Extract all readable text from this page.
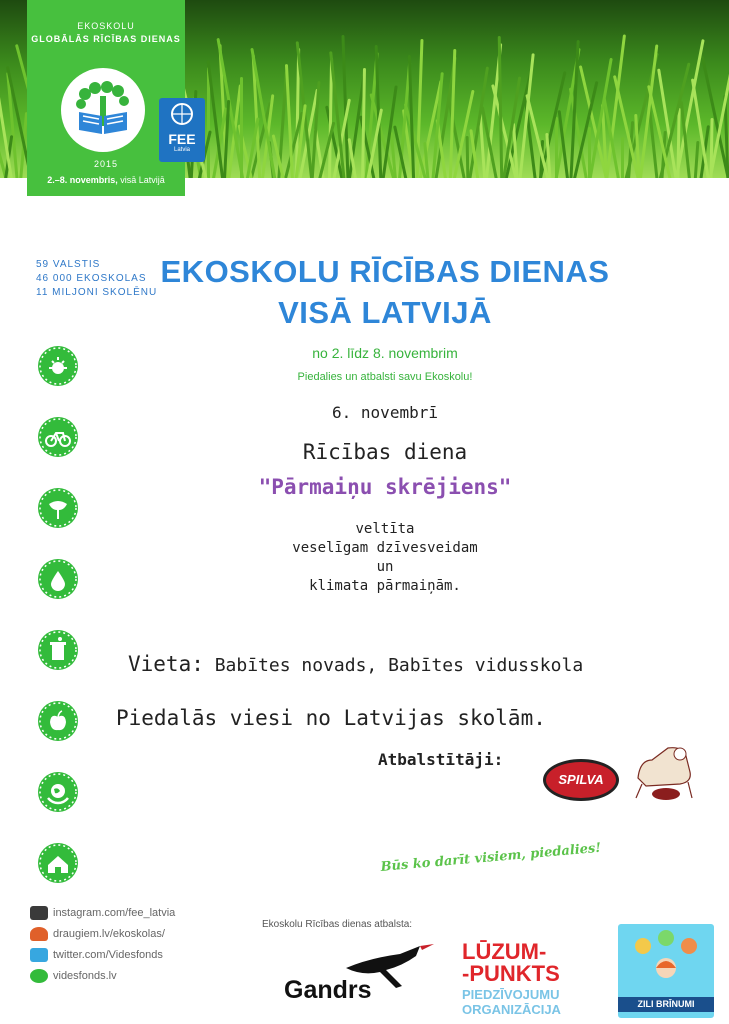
EKOSKOLU
GLOBĀLĀS RĪCĪBAS DIENAS
2015
2.–8. novembris, visā Latvijā
FEE
Latvia
59 VALSTIS
46 000 EKOSKOLAS
11 MILJONI SKOLĒNU
EKOSKOLU RĪCĪBAS DIENAS
VISĀ LATVIJĀ
no 2. līdz 8. novembrim
Piedalies un atbalsti savu Ekoskolu!
6. novembrī
Rīcības diena
"Pārmaiņu skrējiens"
veltīta
veselīgam dzīvesveidam
un
klimata pārmaiņām.
Vieta: Babītes novads, Babītes vidusskola
Piedalās viesi no Latvijas skolām.
Atbalstītāji:
SPILVA
Būs ko darīt visiem, piedalies!
instagram.com/fee_latvia
draugiem.lv/ekoskolas/
twitter.com/Videsfonds
videsfonds.lv
Ekoskolu Rīcības dienas atbalsta:
Gandrs
LŪZUM-
-PUNKTS
PIEDZĪVOJUMU
ORGANIZĀCIJA	ZILI BRĪNUMI
